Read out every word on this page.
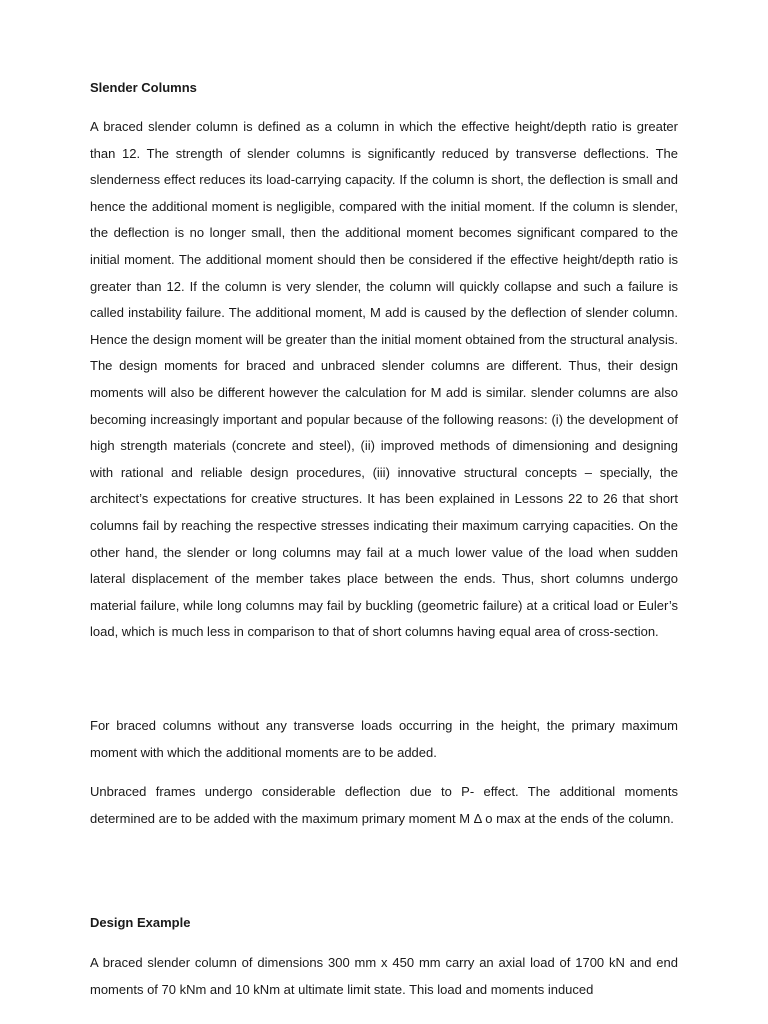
Slender Columns

A braced slender column is defined as a column in which the effective height/depth ratio is greater than 12. The strength of slender columns is significantly reduced by transverse deflections. The slenderness effect reduces its load-carrying capacity. If the column is short, the deflection is small and hence the additional moment is negligible, compared with the initial moment. If the column is slender, the deflection is no longer small, then the additional moment becomes significant compared to the initial moment. The additional moment should then be considered if the effective height/depth ratio is greater than 12. If the column is very slender, the column will quickly collapse and such a failure is called instability failure. The additional moment, M add is caused by the deflection of slender column. Hence the design moment will be greater than the initial moment obtained from the structural analysis. The design moments for braced and unbraced slender columns are different. Thus, their design moments will also be different however the calculation for M add is similar. slender columns are also becoming increasingly important and popular because of the following reasons: (i) the development of high strength materials (concrete and steel), (ii) improved methods of dimensioning and designing with rational and reliable design procedures, (iii) innovative structural concepts – specially, the architect’s expectations for creative structures. It has been explained in Lessons 22 to 26 that short columns fail by reaching the respective stresses indicating their maximum carrying capacities. On the other hand, the slender or long columns may fail at a much lower value of the load when sudden lateral displacement of the member takes place between the ends. Thus, short columns undergo material failure, while long columns may fail by buckling (geometric failure) at a critical load or Euler’s load, which is much less in comparison to that of short columns having equal area of cross-section.

For braced columns without any transverse loads occurring in the height, the primary maximum moment with which the additional moments are to be added.

Unbraced frames undergo considerable deflection due to P- effect. The additional moments determined are to be added with the maximum primary moment M Δ o max at the ends of the column.

Design Example

A braced slender column of dimensions 300 mm x 450 mm carry an axial load of 1700 kN and end moments of 70 kNm and 10 kNm at ultimate limit state. This load and moments induced
